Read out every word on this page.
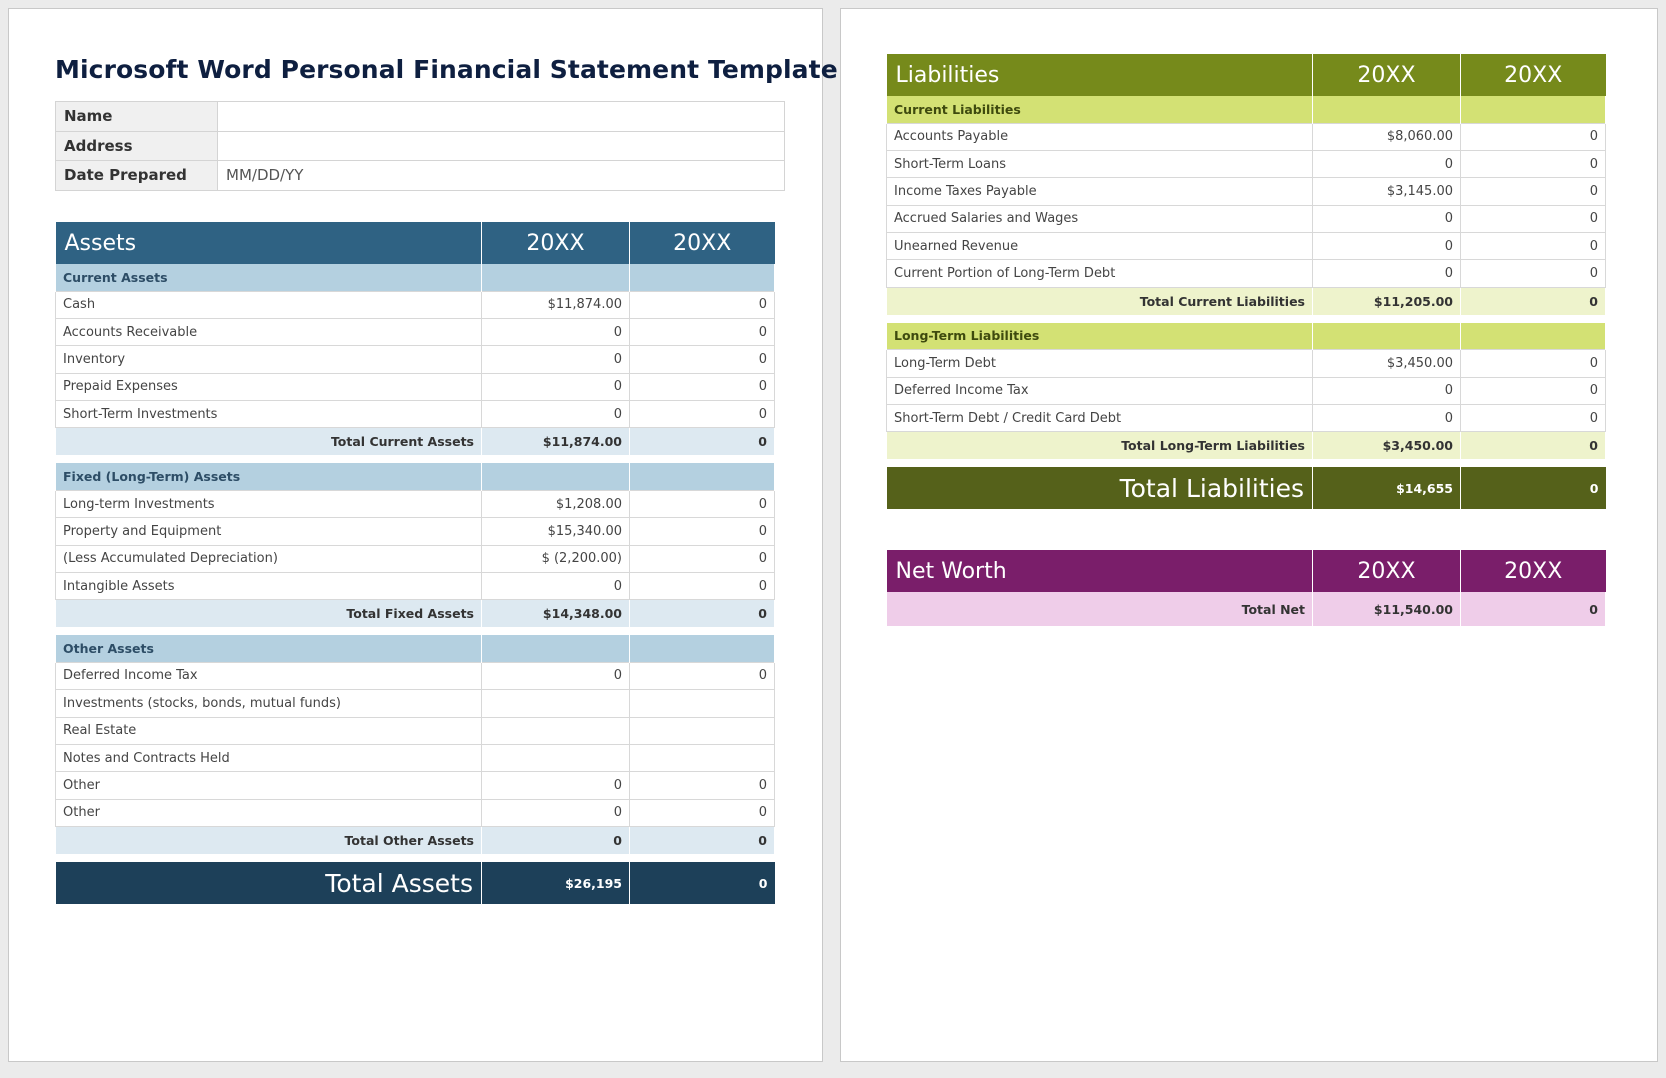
Microsoft Word Personal Financial Statement Template
Name	
Address	
Date Prepared	MM/DD/YY
Assets	20XX	20XX
Current Assets		
Cash	$11,874.00	0
Accounts Receivable	0	0
Inventory	0	0
Prepaid Expenses	0	0
Short-Term Investments	0	0
Total Current Assets	$11,874.00	0

Fixed (Long-Term) Assets		
Long-term Investments	$1,208.00	0
Property and Equipment	$15,340.00	0
(Less Accumulated Depreciation)	$ (2,200.00)	0
Intangible Assets	0	0
Total Fixed Assets	$14,348.00	0

Other Assets		
Deferred Income Tax	0	0
Investments (stocks, bonds, mutual funds)		
Real Estate		
Notes and Contracts Held		
Other	0	0
Other	0	0
Total Other Assets	0	0

Total Assets	$26,195	0
Liabilities	20XX	20XX
Current Liabilities		
Accounts Payable	$8,060.00	0
Short-Term Loans	0	0
Income Taxes Payable	$3,145.00	0
Accrued Salaries and Wages	0	0
Unearned Revenue	0	0
Current Portion of Long-Term Debt	0	0
Total Current Liabilities	$11,205.00	0

Long-Term Liabilities		
Long-Term Debt	$3,450.00	0
Deferred Income Tax	0	0
Short-Term Debt / Credit Card Debt	0	0
Total Long-Term Liabilities	$3,450.00	0

Total Liabilities	$14,655	0
Net Worth	20XX	20XX
Total Net	$11,540.00	0
